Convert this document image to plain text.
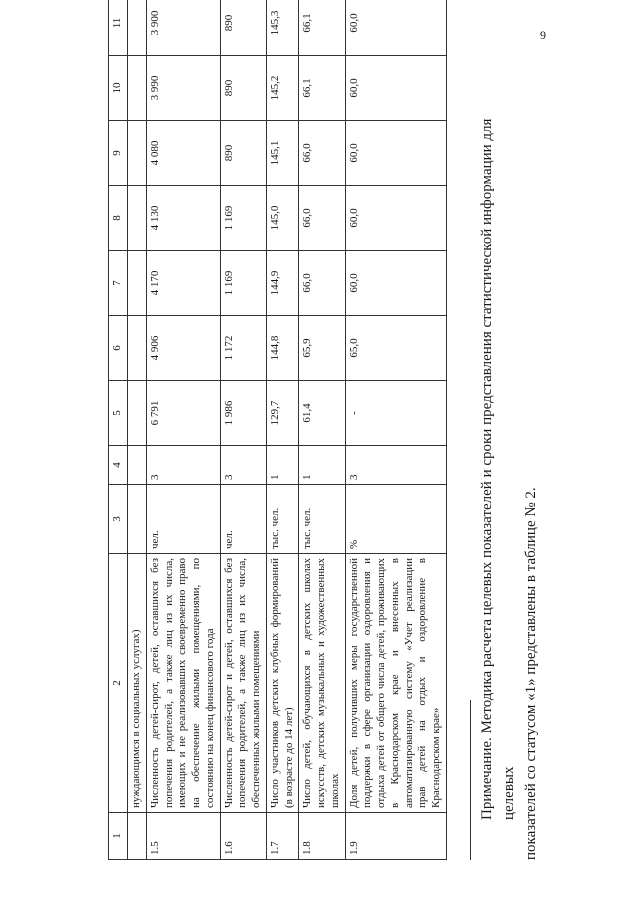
9
1	2	3	4	5	6	7	8	9	10	11
	нуждающимся в социальных услугах)									
1.5	Численность детей-сирот, детей, оставшихся без попечения родителей, а также лиц из их числа, имеющих и не реализовавших своевременно право на обеспечение жилыми помещениями, по состоянию на конец финансового года	чел.	3	6 791	4 906	4 170	4 130	4 080	3 990	3 900
1.6	Численность детей-сирот и детей, оставшихся без попечения родителей, а также лиц из их числа, обеспеченных жилыми помещениями	чел.	3	1 986	1 172	1 169	1 169	890	890	890
1.7	Число участников детских клубных формирований (в возрасте до 14 лет)	тыс. чел.	1	129,7	144,8	144,9	145,0	145,1	145,2	145,3
1.8	Число детей, обучающихся в детских школах искусств, детских музыкальных и художественных школах	тыс. чел.	1	61,4	65,9	66,0	66,0	66,0	66,1	66,1
1.9	Доля детей, получивших меры государственной поддержки в сфере организации оздоровления и отдыха детей от общего числа детей, проживающих в Краснодарском крае и внесенных в автоматизированную систему «Учет реализации прав детей на отдых и оздоровление в Краснодарском крае»	%	3	-	65,0	60,0	60,0	60,0	60,0	60,0
Примечание. Методика расчета целевых показателей и сроки представления статистической информации для целевых показателей со статусом «1» представлены в таблице № 2.
